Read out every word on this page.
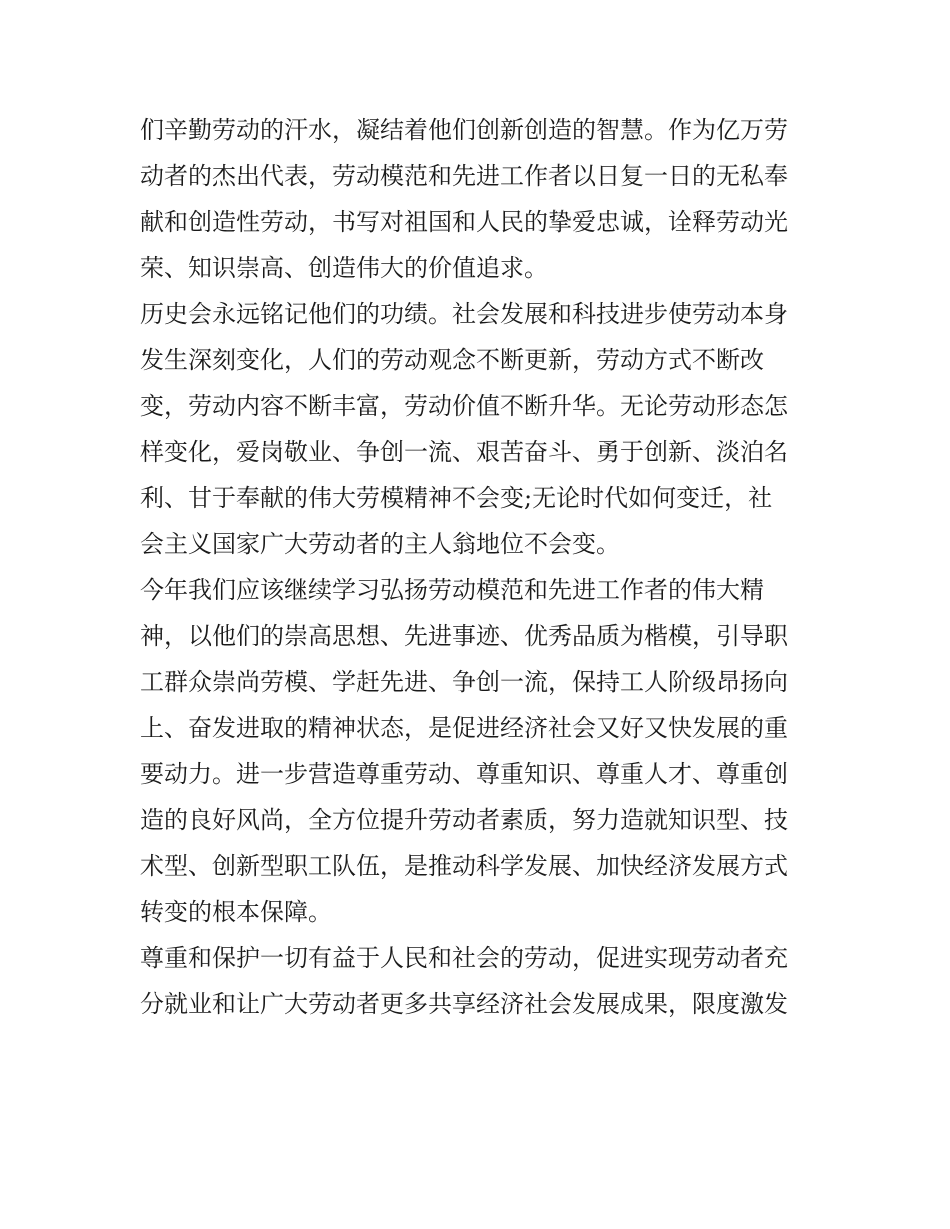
们辛勤劳动的汗水，凝结着他们创新创造的智慧。作为亿万劳
动者的杰出代表，劳动模范和先进工作者以日复一日的无私奉
献和创造性劳动，书写对祖国和人民的挚爱忠诚，诠释劳动光
荣、知识崇高、创造伟大的价值追求。
历史会永远铭记他们的功绩。社会发展和科技进步使劳动本身
发生深刻变化，人们的劳动观念不断更新，劳动方式不断改
变，劳动内容不断丰富，劳动价值不断升华。无论劳动形态怎
样变化，爱岗敬业、争创一流、艰苦奋斗、勇于创新、淡泊名
利、甘于奉献的伟大劳模精神不会变;无论时代如何变迁，社
会主义国家广大劳动者的主人翁地位不会变。
今年我们应该继续学习弘扬劳动模范和先进工作者的伟大精
神，以他们的崇高思想、先进事迹、优秀品质为楷模，引导职
工群众崇尚劳模、学赶先进、争创一流，保持工人阶级昂扬向
上、奋发进取的精神状态，是促进经济社会又好又快发展的重
要动力。进一步营造尊重劳动、尊重知识、尊重人才、尊重创
造的良好风尚，全方位提升劳动者素质，努力造就知识型、技
术型、创新型职工队伍，是推动科学发展、加快经济发展方式
转变的根本保障。
尊重和保护一切有益于人民和社会的劳动，促进实现劳动者充
分就业和让广大劳动者更多共享经济社会发展成果，限度激发
